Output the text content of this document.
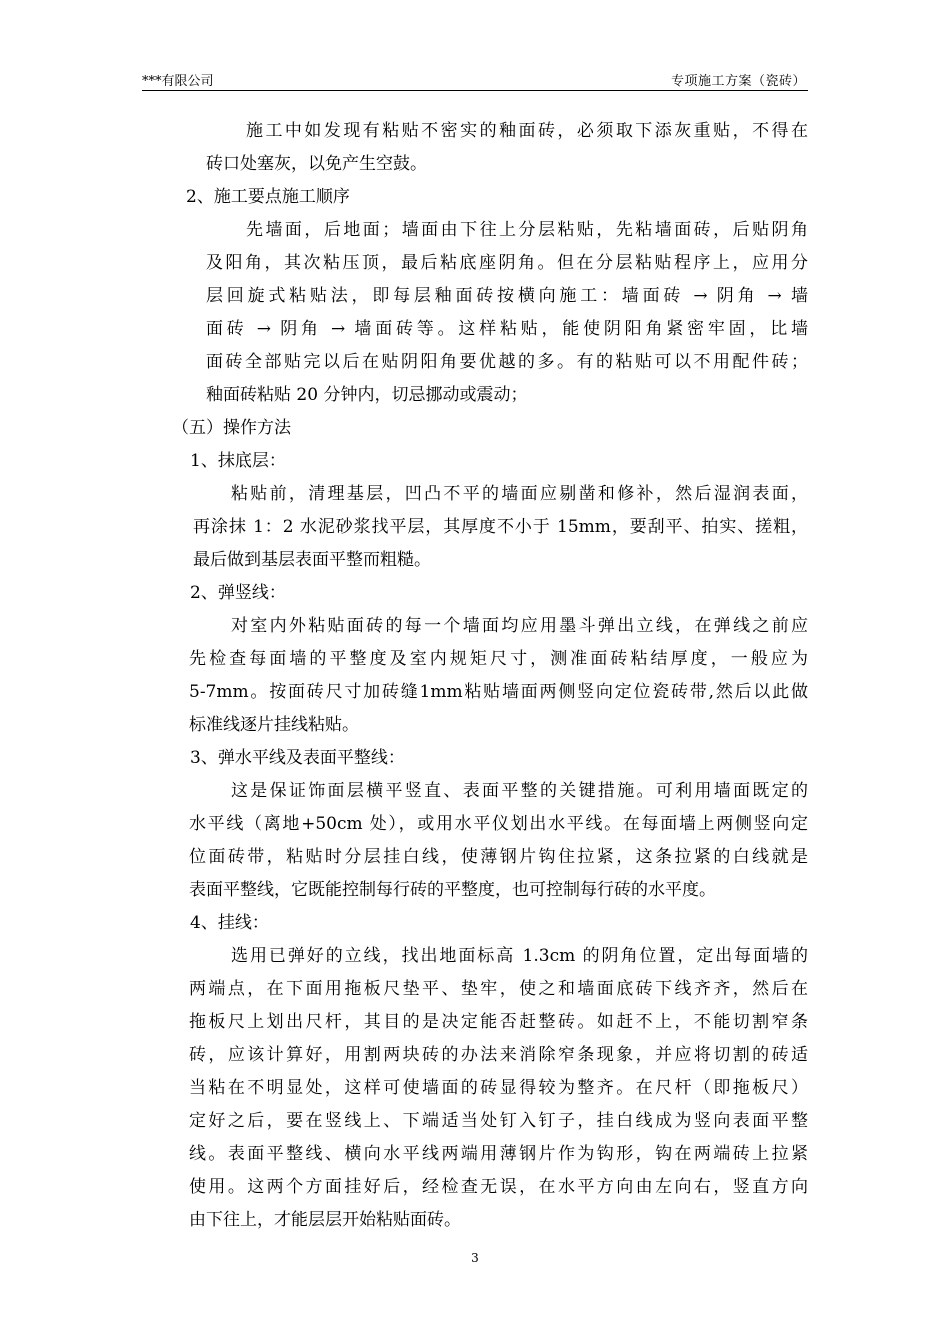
***有限公司	专项施工方案（瓷砖）
施工中如发现有粘贴不密实的釉面砖，必须取下添灰重贴，不得在
砖口处塞灰，以免产生空鼓。
2、施工要点施工顺序
先墙面，后地面；墙面由下往上分层粘贴，先粘墙面砖，后贴阴角
及阳角，其次粘压顶，最后粘底座阴角。但在分层粘贴程序上，应用分
层回旋式粘贴法，即每层釉面砖按横向施工：墙面砖 → 阴角 → 墙
面砖 → 阴角 → 墙面砖等。这样粘贴，能使阴阳角紧密牢固，比墙
面砖全部贴完以后在贴阴阳角要优越的多。有的粘贴可以不用配件砖；
釉面砖粘贴 20 分钟内，切忌挪动或震动；
（五）操作方法
1、抹底层：
粘贴前，清理基层，凹凸不平的墙面应剔凿和修补，然后湿润表面，
再涂抹 1：2 水泥砂浆找平层，其厚度不小于 15mm，要刮平、拍实、搓粗，
最后做到基层表面平整而粗糙。
2、弹竖线：
对室内外粘贴面砖的每一个墙面均应用墨斗弹出立线，在弹线之前应
先检查每面墙的平整度及室内规矩尺寸，测准面砖粘结厚度，一般应为
5-7mm。按面砖尺寸加砖缝1mm粘贴墙面两侧竖向定位瓷砖带,然后以此做
标准线逐片挂线粘贴。
3、弹水平线及表面平整线：
这是保证饰面层横平竖直、表面平整的关键措施。可利用墙面既定的
水平线（离地+50cm 处），或用水平仪划出水平线。在每面墙上两侧竖向定
位面砖带，粘贴时分层挂白线，使薄钢片钩住拉紧，这条拉紧的白线就是
表面平整线，它既能控制每行砖的平整度，也可控制每行砖的水平度。
4、挂线：
选用已弹好的立线，找出地面标高 1.3cm 的阴角位置，定出每面墙的
两端点，在下面用拖板尺垫平、垫牢，使之和墙面底砖下线齐齐，然后在
拖板尺上划出尺杆，其目的是决定能否赶整砖。如赶不上，不能切割窄条
砖，应该计算好，用割两块砖的办法来消除窄条现象，并应将切割的砖适
当粘在不明显处，这样可使墙面的砖显得较为整齐。在尺杆（即拖板尺）
定好之后，要在竖线上、下端适当处钉入钉子，挂白线成为竖向表面平整
线。表面平整线、横向水平线两端用薄钢片作为钩形，钩在两端砖上拉紧
使用。这两个方面挂好后，经检查无误，在水平方向由左向右，竖直方向
由下往上，才能层层开始粘贴面砖。
3
